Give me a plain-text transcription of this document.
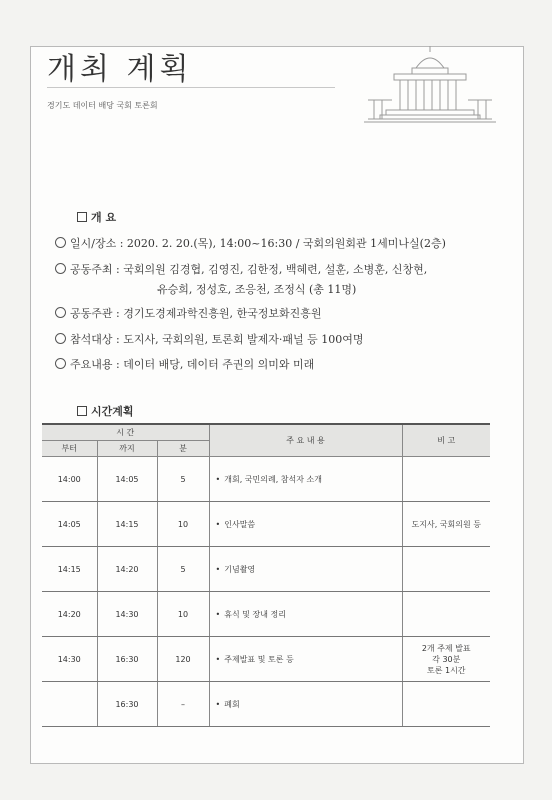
개최 계획
경기도 데이터 배당 국회 토론회
개 요
일시/장소 : 2020. 2. 20.(목), 14:00~16:30 / 국회의원회관 1세미나실(2층)
공동주최 : 국회의원 김경협, 김영진, 김한정, 백혜련, 설훈, 소병훈, 신창현,
유승희, 정성호, 조응천, 조정식 (총 11명)
공동주관 : 경기도경제과학진흥원, 한국정보화진흥원
참석대상 : 도지사, 국회의원, 토론회 발제자·패널 등 100여명
주요내용 : 데이터 배당, 데이터 주권의 의미와 미래
시간계획
시 간			주 요 내 용	비 고
부터	까지	분		
14:00	14:05	5	• 개회, 국민의례, 참석자 소개	
14:05	14:15	10	• 인사말씀	도지사, 국회의원 등
14:15	14:20	5	• 기념촬영	
14:20	14:30	10	• 휴식 및 장내 정리	
14:30	16:30	120	• 주제발표 및 토론 등	2개 주제 발표
각 30분
토론 1시간
	16:30	–	• 폐회	
